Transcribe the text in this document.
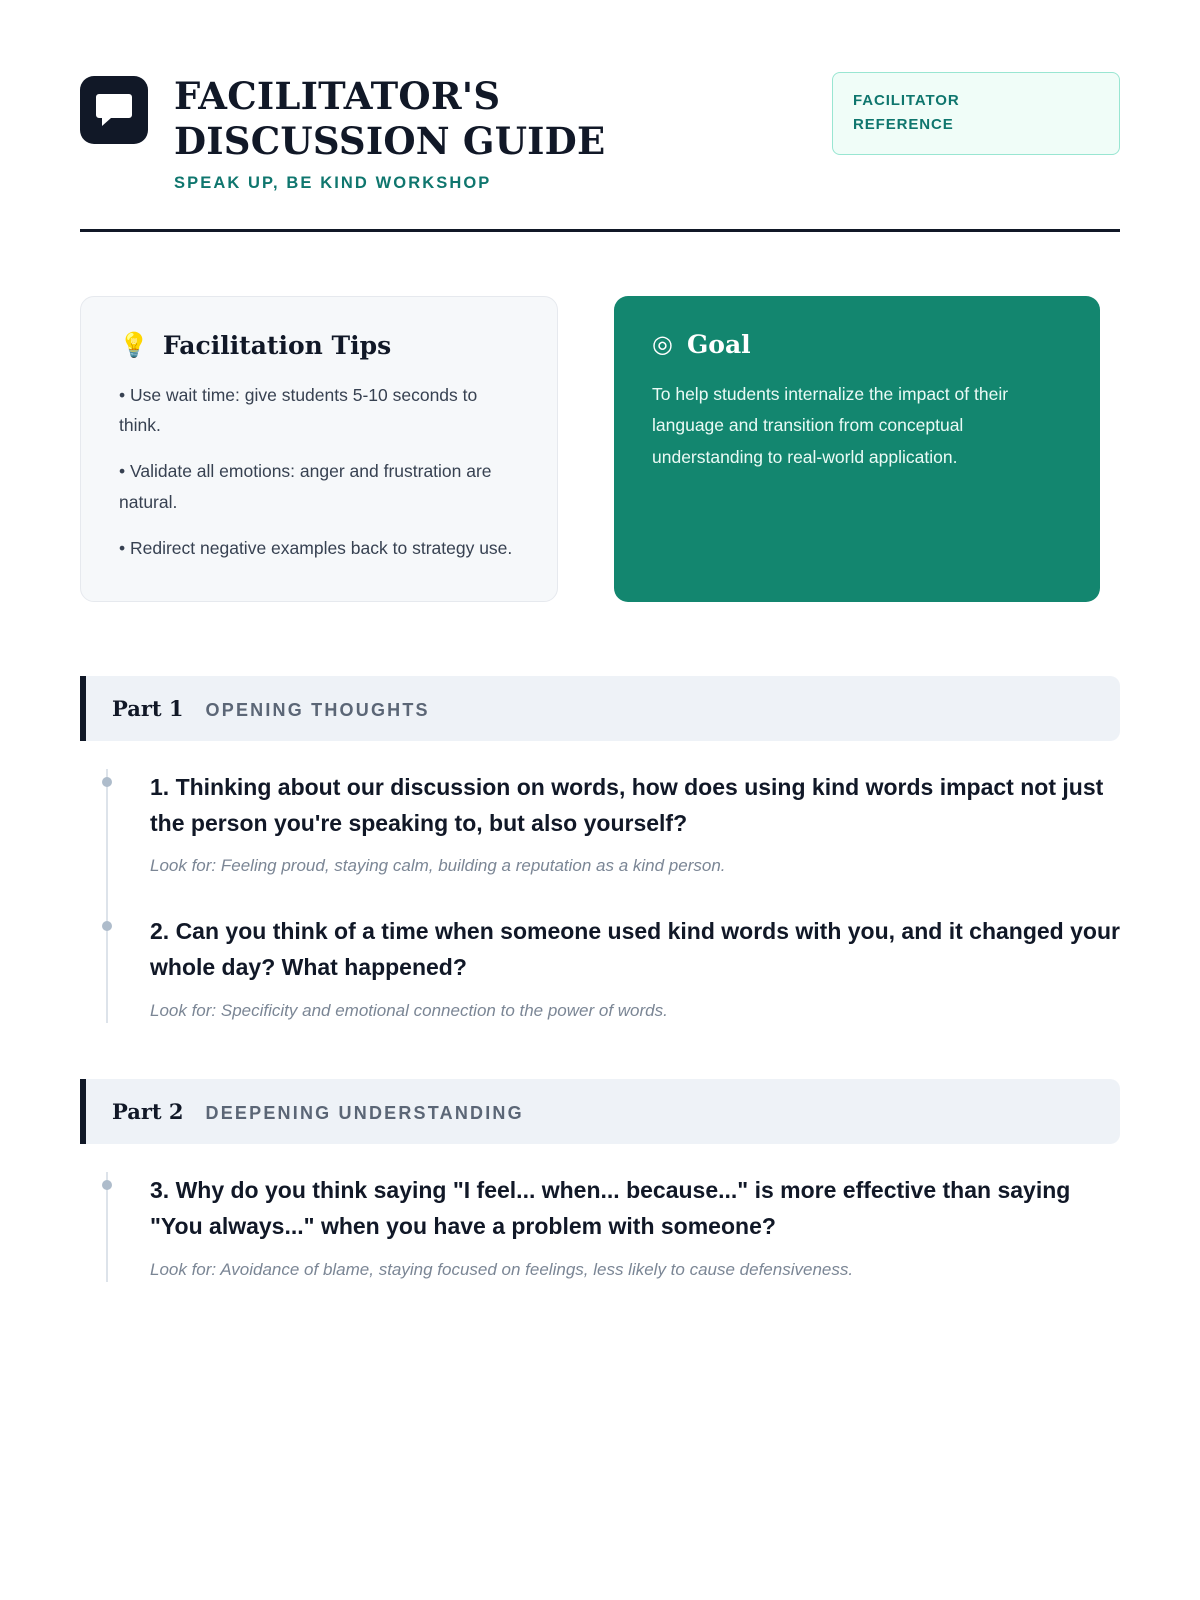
FACILITATOR'S DISCUSSION GUIDE
SPEAK UP, BE KIND WORKSHOP
FACILITATOR
REFERENCE
💡 Facilitation Tips
• Use wait time: give students 5-10 seconds to think.
• Validate all emotions: anger and frustration are natural.
• Redirect negative examples back to strategy use.
◎ Goal
To help students internalize the impact of their language and transition from conceptual understanding to real-world application.
Part 1 OPENING THOUGHTS
1. Thinking about our discussion on words, how does using kind words impact not just the person you're speaking to, but also yourself?
Look for: Feeling proud, staying calm, building a reputation as a kind person.
2. Can you think of a time when someone used kind words with you, and it changed your whole day? What happened?
Look for: Specificity and emotional connection to the power of words.
Part 2 DEEPENING UNDERSTANDING
3. Why do you think saying "I feel... when... because..." is more effective than saying "You always..." when you have a problem with someone?
Look for: Avoidance of blame, staying focused on feelings, less likely to cause defensiveness.
